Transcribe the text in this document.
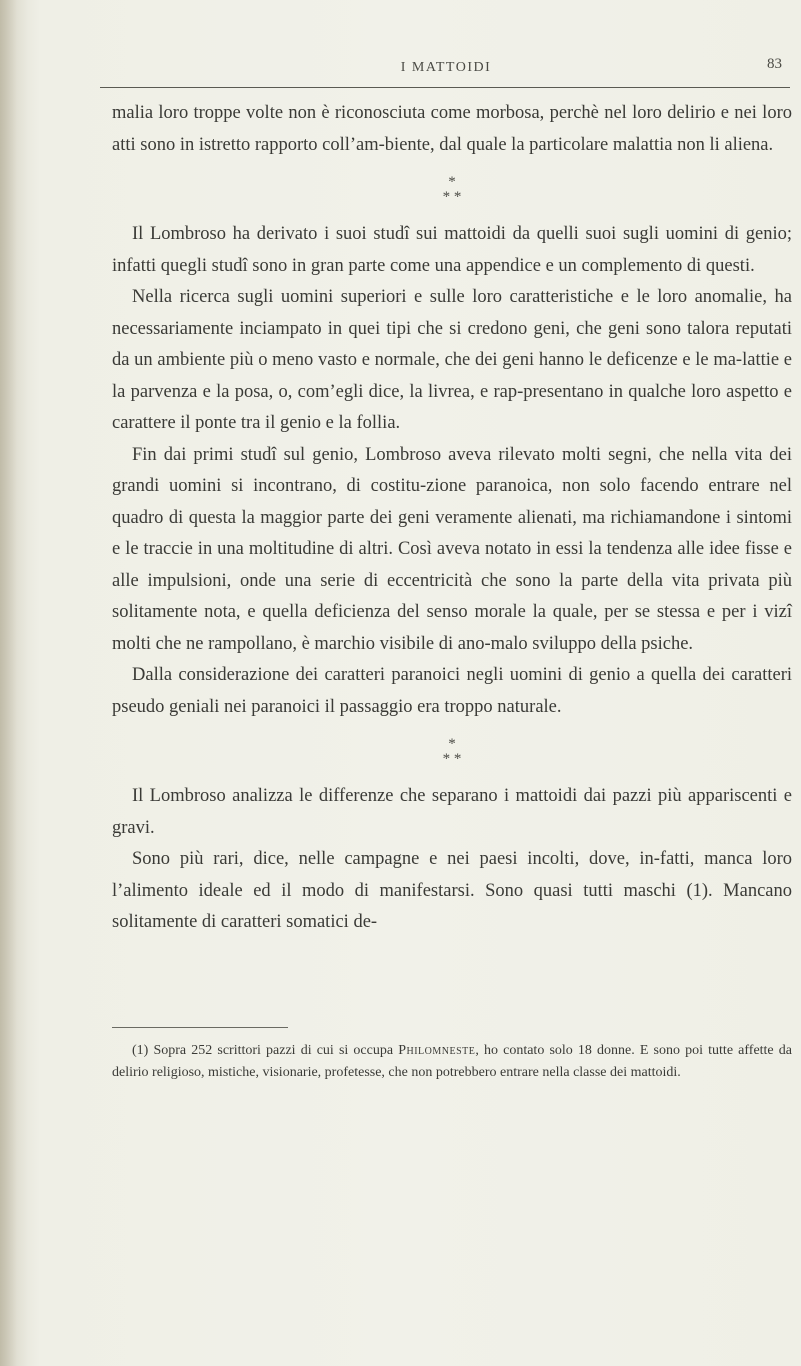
I MATTOIDI	83

malia loro troppe volte non è riconosciuta come morbosa, perchè nel loro delirio e nei loro atti sono in istretto rapporto coll’am-biente, dal quale la particolare malattia non li aliena.

*
* *

Il Lombroso ha derivato i suoi studî sui mattoidi da quelli suoi sugli uomini di genio; infatti quegli studî sono in gran parte come una appendice e un complemento di questi.

Nella ricerca sugli uomini superiori e sulle loro caratteristiche e le loro anomalie, ha necessariamente inciampato in quei tipi che si credono geni, che geni sono talora reputati da un ambiente più o meno vasto e normale, che dei geni hanno le deficenze e le ma-lattie e la parvenza e la posa, o, com’egli dice, la livrea, e rap-presentano in qualche loro aspetto e carattere il ponte tra il genio e la follia.

Fin dai primi studî sul genio, Lombroso aveva rilevato molti segni, che nella vita dei grandi uomini si incontrano, di costitu-zione paranoica, non solo facendo entrare nel quadro di questa la maggior parte dei geni veramente alienati, ma richiamandone i sintomi e le traccie in una moltitudine di altri. Così aveva notato in essi la tendenza alle idee fisse e alle impulsioni, onde una serie di eccentricità che sono la parte della vita privata più solitamente nota, e quella deficienza del senso morale la quale, per se stessa e per i vizî molti che ne rampollano, è marchio visibile di ano-malo sviluppo della psiche.

Dalla considerazione dei caratteri paranoici negli uomini di genio a quella dei caratteri pseudo geniali nei paranoici il passaggio era troppo naturale.

*
* *

Il Lombroso analizza le differenze che separano i mattoidi dai pazzi più appariscenti e gravi.

Sono più rari, dice, nelle campagne e nei paesi incolti, dove, in-fatti, manca loro l’alimento ideale ed il modo di manifestarsi. Sono quasi tutti maschi (1). Mancano solitamente di caratteri somatici de-

(1) Sopra 252 scrittori pazzi di cui si occupa Philomneste, ho contato solo 18 donne. E sono poi tutte affette da delirio religioso, mistiche, visionarie, profetesse, che non potrebbero entrare nella classe dei mattoidi.
